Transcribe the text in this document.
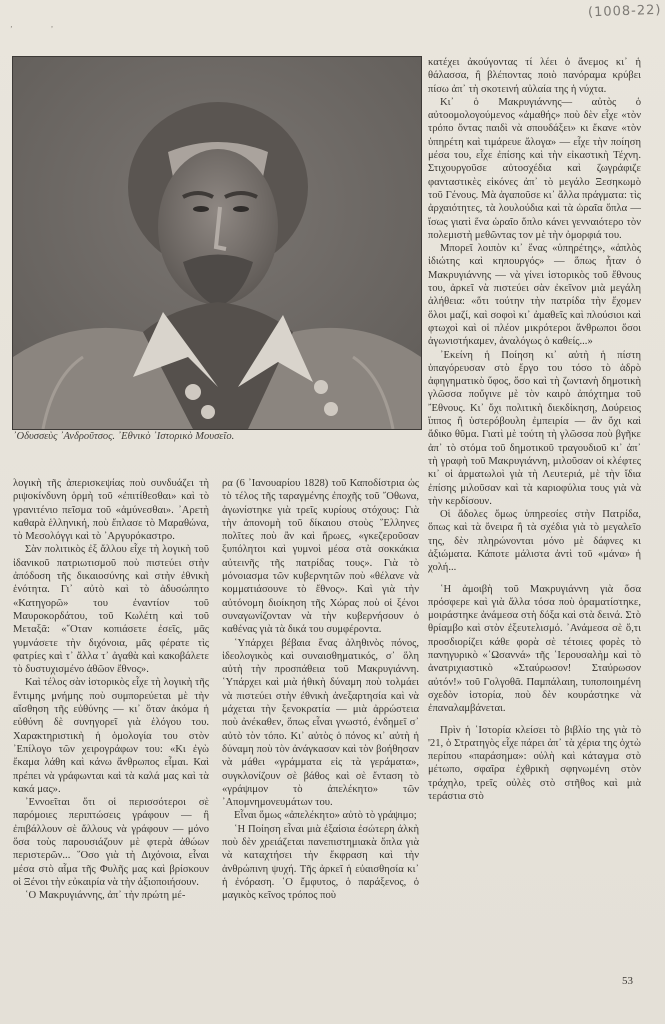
‚ ‚
(1008-22)
᾿Οδυσσεὺς ᾿Ανδροῦτσος. ᾿Εθνικὸ ᾿Ιστορικὸ Μουσεῖο.

λογικὴ τῆς ἀπερισκεψίας ποὺ συνδυάζει τὴ ριψοκίνδυνη ὁρμὴ τοῦ «ἐπιτίθεσθαι» καὶ τὸ γρανιτένιο πεῖσμα τοῦ «ἀμύνεσθαι». ᾿Αρετὴ καθαρὰ ἑλληνική, ποὺ ἔπλασε τὸ Μαραθώνα, τὸ Μεσολόγγι καὶ τὸ ᾿Αργυρόκαστρο.

Σὰν πολιτικὸς ἐξ ἄλλου εἶχε τὴ λογικὴ τοῦ ἰδανικοῦ πατριωτισμοῦ ποὺ πιστεύει στὴν ἀπόδοση τῆς δικαιοσύνης καὶ στὴν ἐθνικὴ ἑνότητα. Γι᾿ αὐτὸ καὶ τὸ ἀδυσώπητο «Κατηγορῶ» του ἐναντίον τοῦ Μαυροκορδάτου, τοῦ Κωλέτη καὶ τοῦ Μεταξᾶ: «῞Οταν κοπιάσετε ἐσεῖς, μᾶς γυμνάσετε τὴν διχόνοια, μᾶς φέρατε τὶς φατρίες καὶ τ᾿ ἄλλα τ᾿ ἀγαθὰ καὶ κακοβάλετε τὸ δυστυχισμένο ἀθῶον ἔθνος».

Καὶ τέλος σὰν ἱστορικὸς εἶχε τὴ λογικὴ τῆς ἔντιμης μνήμης ποὺ συμπορεύεται μὲ τὴν αἴσθηση τῆς εὐθύνης — κι᾿ ὅταν ἀκόμα ἡ εὐθύνη δὲ συνηγορεῖ γιὰ ἑλόγου του. Χαρακτηριστικὴ ἡ ὁμολογία του στὸν ᾿Επίλογο τῶν χειρογράφων του: «Κι ἐγὼ ἔκαμα λάθη καὶ κάνω ἄνθρωπος εἶμαι. Καὶ πρέπει νὰ γράφωνται καὶ τὰ καλά μας καὶ τὰ κακά μας».

᾿Εννοεῖται ὅτι οἱ περισσότεροι σὲ παρόμοιες περιπτώσεις γράφουν — ἢ ἐπιβάλλουν σὲ ἄλλους νὰ γράφουν — μόνο ὅσα τοὺς παρουσιάζουν μὲ φτερὰ ἀθώων περιστερῶν... ῞Οσο γιὰ τὴ Διχόνοια, εἶναι μέσα στὸ αἷμα τῆς Φυλῆς μας καὶ βρίσκουν οἱ Ξένοι τὴν εὐκαιρία νὰ τὴν ἀξιοποιήσουν.

῾Ο Μακρυγιάννης, ἀπ᾿ τὴν πρώτη μέ-

ρα (6 ᾿Ιανουαρίου 1828) τοῦ Καποδίστρια ὡς τὸ τέλος τῆς ταραγμένης ἐποχῆς τοῦ ῎Οθωνα, ἀγωνίστηκε γιὰ τρεῖς κυρίους στόχους: Γιὰ τὴν ἀπονομὴ τοῦ δίκαιου στοὺς ῞Ελληνες πολῖτες ποὺ ἂν καὶ ἥρωες, «γκεζεροῦσαν ξυπόλητοι καὶ γυμνοὶ μέσα στὰ σοκκάκια αὐτεινῆς τῆς πατρίδας τους». Γιὰ τὸ μόνοιασμα τῶν κυβερνητῶν ποὺ «θέλανε νὰ κομματιάσουνε τὸ ἔθνος». Καὶ γιὰ τὴν αὐτόνομη διοίκηση τῆς Χώρας ποὺ οἱ ξένοι συναγωνίζονταν νὰ τὴν κυβερνήσουν ὁ καθένας γιὰ τὰ δικά του συμφέροντα.

῾Υπάρχει βέβαια ἕνας ἀληθινὸς πόνος, ἰδεολογικὸς καὶ συναισθηματικός, σ᾿ ὅλη αὐτὴ τὴν προσπάθεια τοῦ Μακρυγιάννη. ῾Υπάρχει καὶ μιὰ ἠθικὴ δύναμη ποὺ τολμάει νὰ πιστεύει στὴν ἐθνικὴ ἀνεξαρτησία καὶ νὰ μάχεται τὴν ξενοκρατία — μιὰ ἀρρώστεια ποὺ ἀνέκαθεν, ὅπως εἶναι γνωστό, ἐνδημεῖ σ᾿ αὐτὸ τὸν τόπο. Κι᾿ αὐτὸς ὁ πόνος κι᾿ αὐτὴ ἡ δύναμη ποὺ τὸν ἀνάγκασαν καὶ τὸν βοήθησαν νὰ μάθει «γράμματα εἰς τὰ γεράματα», συγκλονίζουν σὲ βάθος καὶ σὲ ἔνταση τὸ «γράψιμον τὸ ἀπελέκητο» τῶν ᾿Απομνημονευμάτων του.

Εἶναι ὅμως «ἀπελέκητο» αὐτὸ τὸ γράψιμο;

῾Η Ποίηση εἶναι μιὰ ἐξαίσια ἐσώτερη ἀλκὴ ποὺ δὲν χρειάζεται πανεπιστημιακὰ ὅπλα γιὰ νὰ καταχτήσει τὴν ἔκφραση καὶ τὴν ἀνθρώπινη ψυχή. Τῆς ἀρκεῖ ἡ εὐαισθησία κι᾿ ἡ ἐνόραση. ῾Ο ἔμφυτος, ὁ παράξενος, ὁ μαγικὸς κεῖνος τρόπος ποὺ

κατέχει ἀκούγοντας τί λέει ὁ ἄνεμος κι᾿ ἡ θάλασσα, ἢ βλέποντας ποιὸ πανόραμα κρύβει πίσω ἀπ᾿ τὴ σκοτεινή αὐλαία της ἡ νύχτα.

Κι᾿ ὁ Μακρυγιάννης— αὐτὸς ὁ αὐτοομολογούμενος «ἀμαθής» ποὺ δὲν εἶχε «τὸν τρόπο ὄντας παιδὶ νὰ σπουδάξει» κι ἔκανε «τὸν ὑπηρέτη καὶ τιμάρευε ἄλογα» — εἶχε τὴν ποίηση μέσα του, εἶχε ἐπίσης καὶ τὴν εἰκαστικὴ Τέχνη. Στιχουργοῦσε αὐτοσχέδια καὶ ζωγράφιζε φανταστικὲς εἰκόνες ἀπ᾿ τὸ μεγάλο Ξεσηκωμὸ τοῦ Γένους. Μὰ ἀγαποῦσε κι᾿ ἄλλα πράγματα: τὶς ἀρχαιότητες, τὰ λουλούδια καὶ τὰ ὡραῖα ὅπλα — ἴσως γιατὶ ἕνα ὡραῖο ὅπλο κάνει γενναιότερο τὸν πολεμιστὴ μεθῶντας τον μὲ τὴν ὀμορφιά του.

Μπορεῖ λοιπὸν κι᾿ ἕνας «ὑπηρέτης», «ἁπλὸς ἰδιώτης καὶ κηπουργός» — ὅπως ἦταν ὁ Μακρυγιάννης — νὰ γίνει ἱστορικὸς τοῦ ἔθνους του, ἀρκεῖ νὰ πιστεύει σὰν ἐκεῖνον μιὰ μεγάλη ἀλήθεια: «ὅτι τούτην τὴν πατρίδα τὴν ἔχομεν ὅλοι μαζί, καὶ σοφοὶ κι᾿ ἀμαθεῖς καὶ πλούσιοι καὶ φτωχοὶ καὶ οἱ πλέον μικρότεροι ἄνθρωποι ὅσοι ἀγωνιστήκαμεν, ἀναλόγως ὁ καθείς...»

᾿Εκείνη ἡ Ποίηση κι᾿ αὐτὴ ἡ πίστη ὑπαγόρευσαν στὸ ἔργο του τόσο τὸ ἁδρὸ ἀφηγηματικὸ ὕφος, ὅσο καὶ τὴ ζωντανὴ δημοτικὴ γλῶσσα ποὔγινε μὲ τὸν καιρὸ ἀπόχτημα τοῦ ῎Εθνους. Κι᾿ ὄχι πολιτικὴ διεκδίκηση, Δούρειος ἵππος ἢ ὑστερόβουλη ἐμπειρία — ἂν ὄχι καὶ ἄδικο θῦμα. Γιατὶ μὲ τούτη τὴ γλῶσσα ποὺ βγῆκε ἀπ᾿ τὸ στόμα τοῦ δημοτικοῦ τραγουδιοῦ κι᾿ ἀπ᾿ τὴ γραφὴ τοῦ Μακρυγιάννη, μιλοῦσαν οἱ κλέφτες κι᾿ οἱ ἁρματωλοὶ γιὰ τὴ Λευτεριά, μὲ τὴν ἴδια ἐπίσης μιλοῦσαν καὶ τὰ καριοφύλια τους γιὰ νὰ τὴν κερδίσουν.

Οἱ ἄδολες ὅμως ὑπηρεσίες στὴν Πατρίδα, ὅπως καὶ τὰ ὄνειρα ἢ τὰ σχέδια γιὰ τὸ μεγαλεῖο της, δὲν πληρώνονται μόνο μὲ δάφνες κι ἀξιώματα. Κάποτε μάλιστα ἀντὶ τοῦ «μάνα» ἡ χολή...

῾Η ἀμοιβὴ τοῦ Μακρυγιάννη γιὰ ὅσα πρόσφερε καὶ γιὰ ἄλλα τόσα ποὺ ὁραματίστηκε, μοιράστηκε ἀνάμεσα στὴ δόξα καὶ στὰ δεινά. Στὸ θρίαμβο καὶ στὸν ἐξευτελισμό. ᾿Ανάμεσα σὲ ὅ,τι προσδιορίζει κάθε φορὰ σὲ τέτοιες φορὲς τὸ πανηγυρικὸ «᾿Ωσαννά» τῆς ῾Ιερουσαλὴμ καὶ τὸ ἀνατριχιαστικὸ «Σταύρωσον! Σταύρωσον αὐτόν!» τοῦ Γολγοθᾶ. Παμπάλαιη, τυποποιημένη σχεδὸν ἱστορία, ποὺ δὲν κουράστηκε νὰ ἐπαναλαμβάνεται.

Πρὶν ἡ ῾Ιστορία κλείσει τὸ βιβλίο της γιὰ τὸ '21, ὁ Στρατηγὸς εἶχε πάρει ἀπ᾿ τὰ χέρια της ὀχτὼ περίπου «παράσημα»: οὐλὴ καὶ κάταγμα στὸ μέτωπο, σφαῖρα ἐχθρικὴ σφηνωμένη στὸν τράχηλο, τρεῖς οὐλὲς στὸ στῆθος καὶ μιὰ τεράστια στὸ

53
